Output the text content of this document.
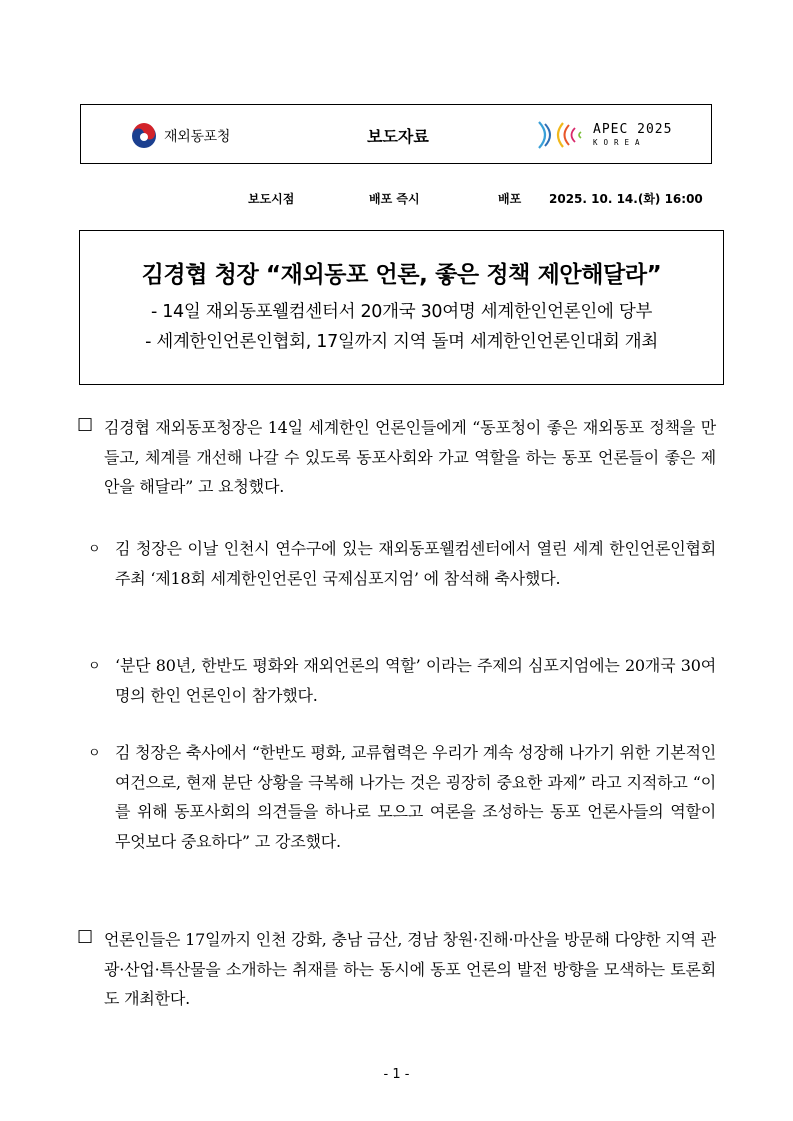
재외동포청	보도자료	APEC 2025
KOREA
보도시점	배포 즉시	배포 2025. 10. 14.(화) 16:00
김경협 청장 “재외동포 언론, 좋은 정책 제안해달라”
- 14일 재외동포웰컴센터서 20개국 30여명 세계한인언론인에 당부
- 세계한인언론인협회, 17일까지 지역 돌며 세계한인언론인대회 개최
□ 김경협 재외동포청장은 14일 세계한인 언론인들에게 “동포청이 좋은 재외동포 정책을 만들고, 체계를 개선해 나갈 수 있도록 동포사회와 가교 역할을 하는 동포 언론들이 좋은 제안을 해달라” 고 요청했다.
ㅇ 김 청장은 이날 인천시 연수구에 있는 재외동포웰컴센터에서 열린 세계 한인언론인협회 주최 ‘제18회 세계한인언론인 국제심포지엄’ 에 참석해 축사했다.
ㅇ ‘분단 80년, 한반도 평화와 재외언론의 역할’ 이라는 주제의 심포지엄에는 20개국 30여명의 한인 언론인이 참가했다.
ㅇ 김 청장은 축사에서 “한반도 평화, 교류협력은 우리가 계속 성장해 나가기 위한 기본적인 여건으로, 현재 분단 상황을 극복해 나가는 것은 굉장히 중요한 과제” 라고 지적하고 “이를 위해 동포사회의 의견들을 하나로 모으고 여론을 조성하는 동포 언론사들의 역할이 무엇보다 중요하다” 고 강조했다.
□ 언론인들은 17일까지 인천 강화, 충남 금산, 경남 창원·진해·마산을 방문해 다양한 지역 관광·산업·특산물을 소개하는 취재를 하는 동시에 동포 언론의 발전 방향을 모색하는 토론회도 개최한다.
- 1 -
